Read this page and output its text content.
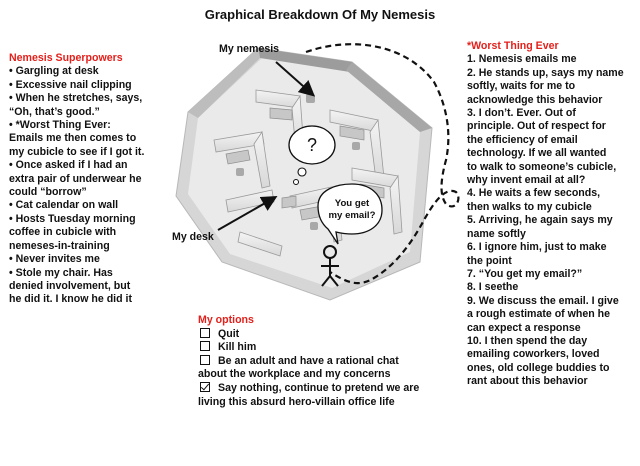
Graphical Breakdown Of My Nemesis
Nemesis Superpowers
• Gargling at desk
• Excessive nail clipping
• When he stretches, says,
“Oh, that’s good.”
• *Worst Thing Ever:
Emails me then comes to
my cubicle to see if I got it.
• Once asked if I had an
extra pair of underwear he
could “borrow”
• Cat calendar on wall
• Hosts Tuesday morning
coffee in cubicle with
nemeses-in-training
• Never invites me
• Stole my chair. Has
denied involvement, but
he did it. I know he did it
*Worst Thing Ever
1. Nemesis emails me
2. He stands up, says my name
softly, waits for me to
acknowledge this behavior
3. I don’t. Ever. Out of
principle. Out of respect for
the efficiency of email
technology. If we all wanted
to walk to someone’s cubicle,
why invent email at all?
4. He waits a few seconds,
then walks to my cubicle
5. Arriving, he again says my
name softly
6. I ignore him, just to make
the point
7. “You get my email?”
8. I seethe
9. We discuss the email. I give
a rough estimate of when he
can expect a response
10. I then spend the day
emailing coworkers, loved
ones, old college buddies to
rant about this behavior
?
My nemesis
My desk
You get
my email?
My options
Quit
Kill him
Be an adult and have a rational chat
about the workplace and my concerns
Say nothing, continue to pretend we are
living this absurd hero-villain office life
